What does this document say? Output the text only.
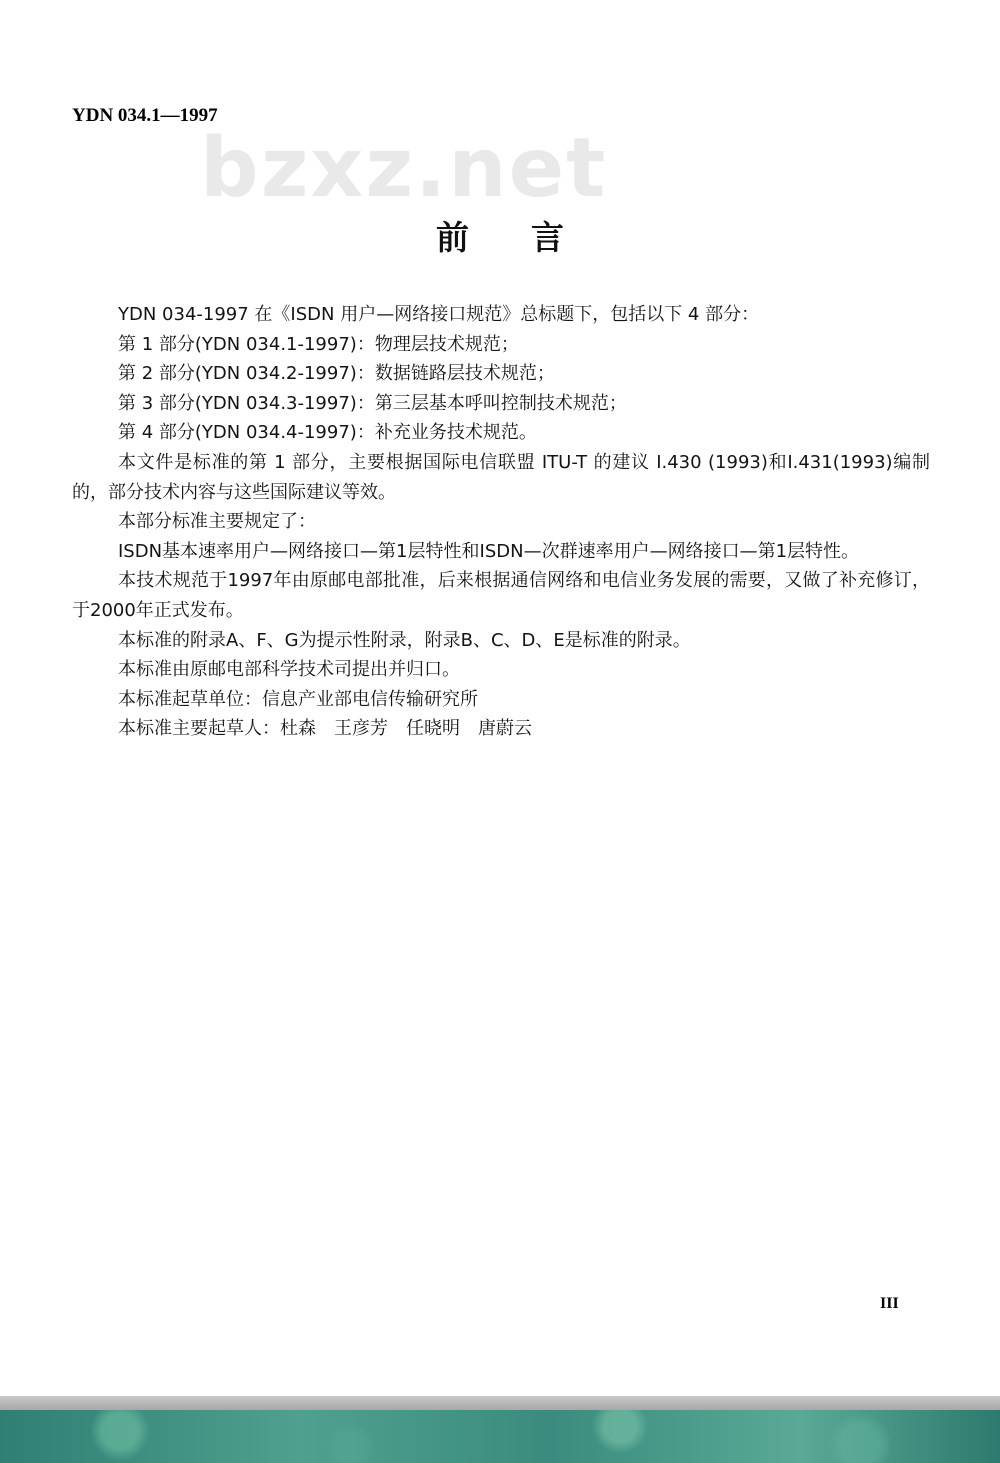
YDN 034.1—1997

bzxz.net

前言

YDN 034-1997 在《ISDN 用户—网络接口规范》总标题下，包括以下 4 部分：

第 1 部分(YDN 034.1-1997)：物理层技术规范；

第 2 部分(YDN 034.2-1997)：数据链路层技术规范；

第 3 部分(YDN 034.3-1997)：第三层基本呼叫控制技术规范；

第 4 部分(YDN 034.4-1997)：补充业务技术规范。

本文件是标准的第 1 部分，主要根据国际电信联盟 ITU-T 的建议 I.430 (1993)和I.431(1993)编制的，部分技术内容与这些国际建议等效。

本部分标准主要规定了：

ISDN基本速率用户—网络接口—第1层特性和ISDN—次群速率用户—网络接口—第1层特性。

本技术规范于1997年由原邮电部批准，后来根据通信网络和电信业务发展的需要，又做了补充修订，于2000年正式发布。

本标准的附录A、F、G为提示性附录，附录B、C、D、E是标准的附录。

本标准由原邮电部科学技术司提出并归口。

本标准起草单位：信息产业部电信传输研究所

本标准主要起草人：杜森　王彦芳　任晓明　唐蔚云

III
